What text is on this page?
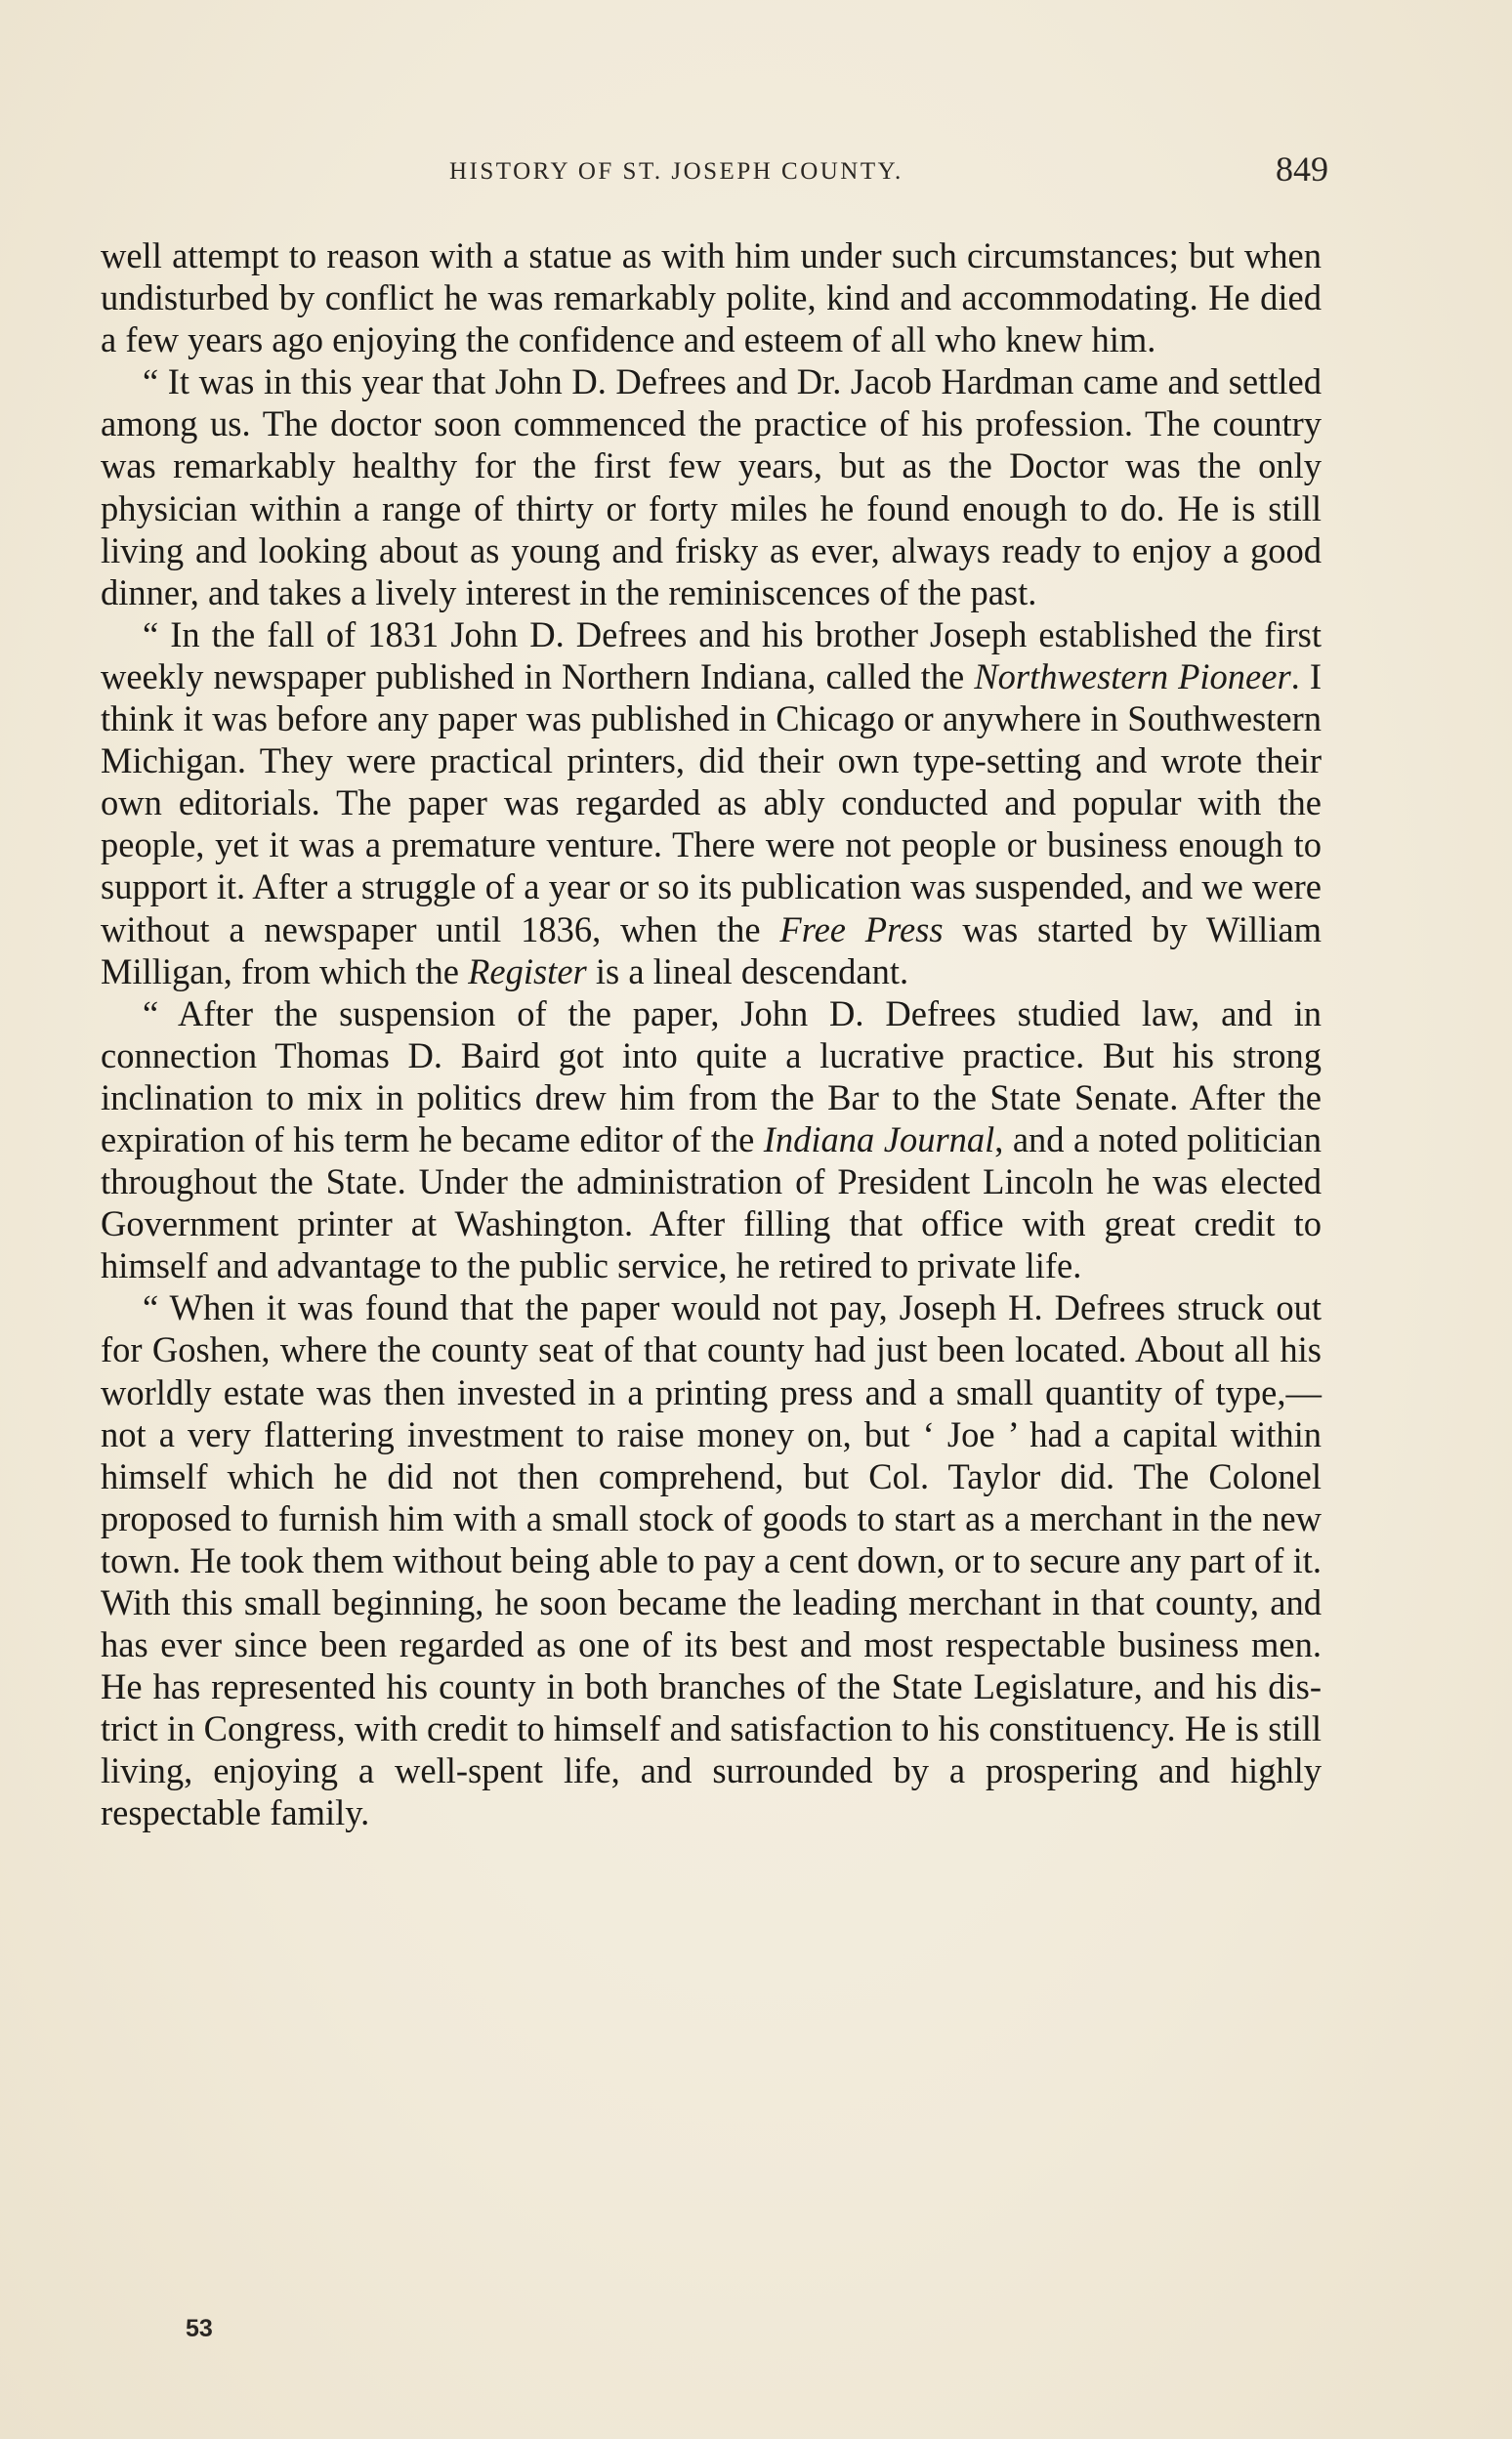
HISTORY OF ST. JOSEPH COUNTY.	849

well attempt to reason with a statue as with him under such circumstances; but when undisturbed by conflict he was remarkably polite, kind and accommodating. He died a few years ago enjoying the confidence and esteem of all who knew him.

“ It was in this year that John D. Defrees and Dr. Jacob Hardman came and settled among us. The doctor soon commenced the practice of his profession. The country was remarkably healthy for the first few years, but as the Doctor was the only physician within a range of thirty or forty miles he found enough to do. He is still living and looking about as young and frisky as ever, always ready to enjoy a good dinner, and takes a lively interest in the reminiscences of the past.

“ In the fall of 1831 John D. Defrees and his brother Joseph established the first weekly newspaper published in Northern Indiana, called the Northwestern Pioneer. I think it was before any paper was published in Chicago or anywhere in Southwestern Michigan. They were practical printers, did their own type-setting and wrote their own editorials. The paper was regarded as ably conducted and popular with the people, yet it was a premature venture. There were not people or business enough to support it. After a struggle of a year or so its publication was suspended, and we were without a newspaper until 1836, when the Free Press was started by William Milligan, from which the Register is a lineal descendant.

“ After the suspension of the paper, John D. Defrees studied law, and in connection Thomas D. Baird got into quite a lucrative practice. But his strong inclination to mix in politics drew him from the Bar to the State Senate. After the expiration of his term he became editor of the Indiana Journal, and a noted politician throughout the State. Under the administration of President Lincoln he was elected Government printer at Washington. After filling that office with great credit to himself and advantage to the public service, he retired to private life.

“ When it was found that the paper would not pay, Joseph H. Defrees struck out for Goshen, where the county seat of that county had just been located. About all his worldly estate was then invested in a printing press and a small quantity of type,—not a very flattering investment to raise money on, but ‘ Joe ’ had a capital within himself which he did not then comprehend, but Col. Taylor did. The Colonel proposed to furnish him with a small stock of goods to start as a merchant in the new town. He took them without being able to pay a cent down, or to secure any part of it. With this small beginning, he soon became the leading merchant in that county, and has ever since been regarded as one of its best and most respectable business men. He has represented his county in both branches of the State Legislature, and his district in Congress, with credit to himself and satisfaction to his constituency. He is still living, enjoying a well-spent life, and surrounded by a prospering and highly respectable family.

53
